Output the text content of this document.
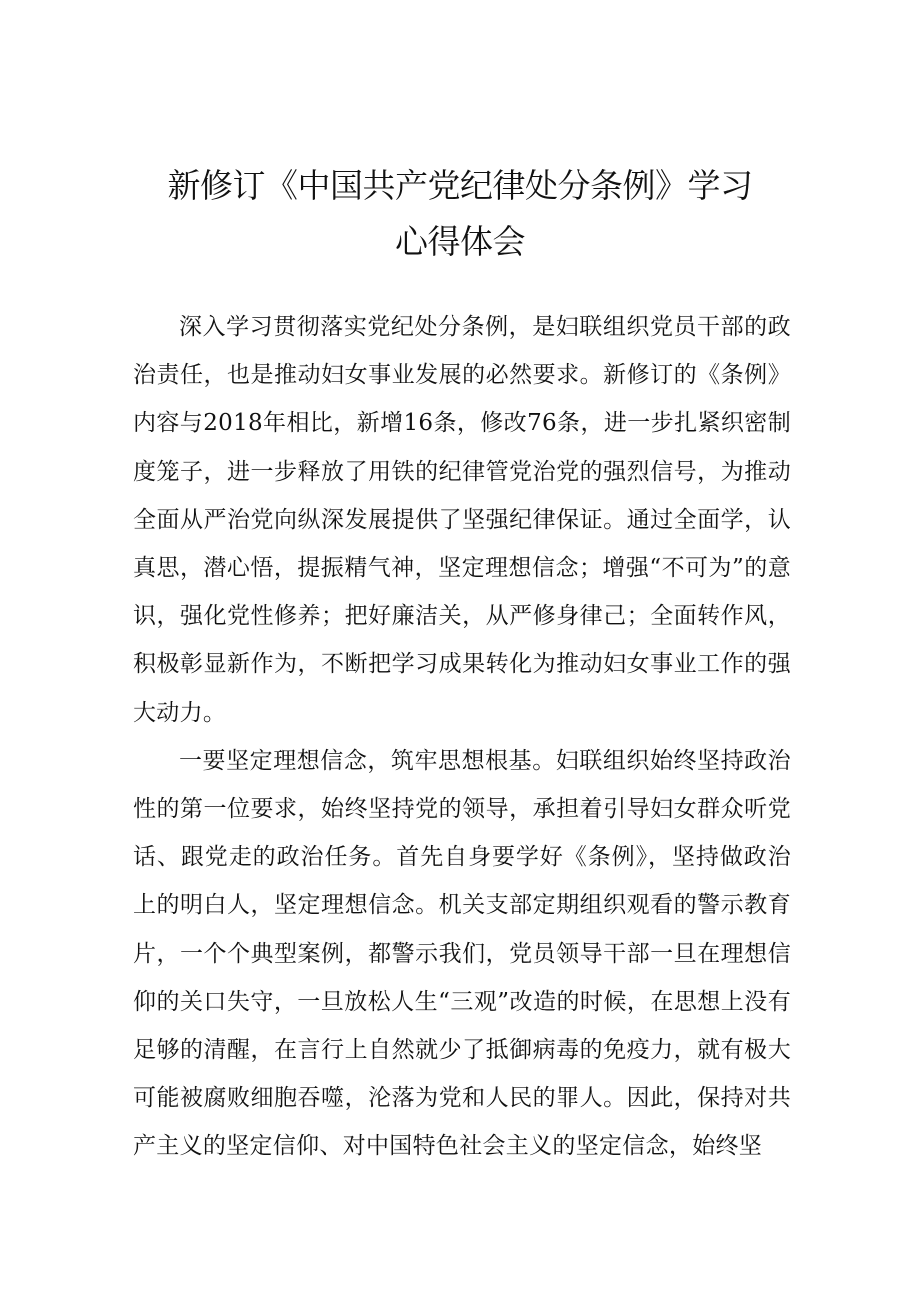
新修订《中国共产党纪律处分条例》学习
心得体会

深入学习贯彻落实党纪处分条例，是妇联组织党员干部的政治责任，也是推动妇女事业发展的必然要求。新修订的《条例》内容与2018年相比，新增16条，修改76条，进一步扎紧织密制度笼子，进一步释放了用铁的纪律管党治党的强烈信号，为推动全面从严治党向纵深发展提供了坚强纪律保证。通过全面学，认真思，潜心悟，提振精气神，坚定理想信念；增强“不可为”的意识，强化党性修养；把好廉洁关，从严修身律己；全面转作风，积极彰显新作为，不断把学习成果转化为推动妇女事业工作的强大动力。

一要坚定理想信念，筑牢思想根基。妇联组织始终坚持政治性的第一位要求，始终坚持党的领导，承担着引导妇女群众听党话、跟党走的政治任务。首先自身要学好《条例》，坚持做政治上的明白人，坚定理想信念。机关支部定期组织观看的警示教育片，一个个典型案例，都警示我们，党员领导干部一旦在理想信仰的关口失守，一旦放松人生“三观”改造的时候，在思想上没有足够的清醒，在言行上自然就少了抵御病毒的免疫力，就有极大可能被腐败细胞吞噬，沦落为党和人民的罪人。因此，保持对共产主义的坚定信仰、对中国特色社会主义的坚定信念，始终坚
